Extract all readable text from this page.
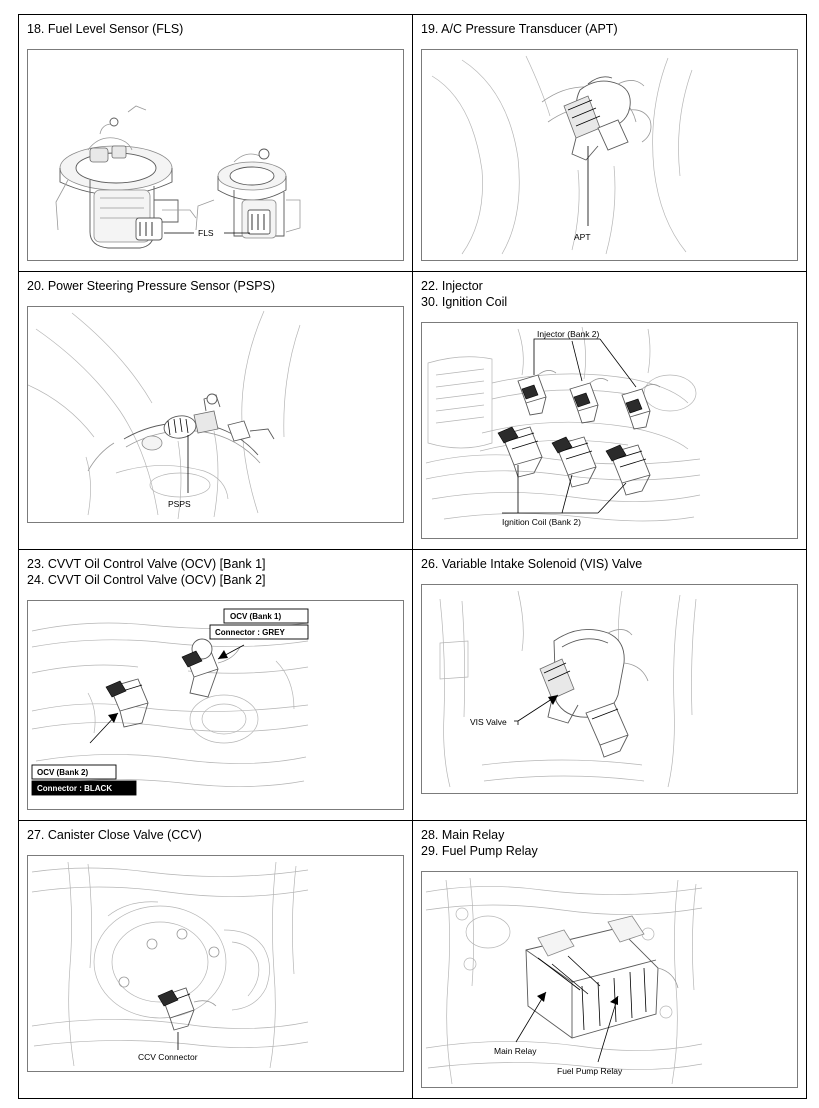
18. Fuel Level Sensor (FLS)
FLS

19. A/C Pressure Transducer (APT)
APT

20. Power Steering Pressure Sensor (PSPS)
PSPS

22. Injector
30. Ignition Coil
Injector (Bank 2)
Ignition Coil (Bank 2)

23. CVVT Oil Control Valve (OCV) [Bank 1]
24. CVVT Oil Control Valve (OCV) [Bank 2]
OCV (Bank 1)
Connector : GREY
OCV (Bank 2)
Connector : BLACK

26. Variable Intake Solenoid (VIS) Valve
VIS Valve

27. Canister Close Valve (CCV)
CCV Connector

28. Main Relay
29. Fuel Pump Relay
Main Relay
Fuel Pump Relay
